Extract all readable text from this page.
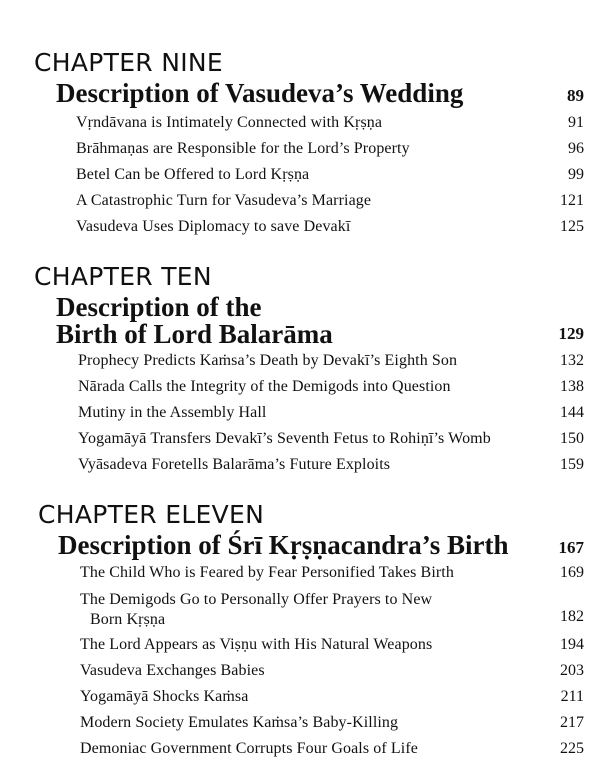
CHAPTER NINE
Description of Vasudeva’s Wedding	89
Vṛndāvana is Intimately Connected with Kṛṣṇa	91
Brāhmaṇas are Responsible for the Lord’s Property	96
Betel Can be Offered to Lord Kṛṣṇa	99
A Catastrophic Turn for Vasudeva’s Marriage	121
Vasudeva Uses Diplomacy to save Devakī	125
CHAPTER TEN
Description of the
Birth of Lord Balarāma	129
Prophecy Predicts Kaṁsa’s Death by Devakī’s Eighth Son	132
Nārada Calls the Integrity of the Demigods into Question	138
Mutiny in the Assembly Hall	144
Yogamāyā Transfers Devakī’s Seventh Fetus to Rohiṇī’s Womb	150
Vyāsadeva Foretells Balarāma’s Future Exploits	159
CHAPTER ELEVEN
Description of Śrī Kṛṣṇacandra’s Birth	167
The Child Who is Feared by Fear Personified Takes Birth	169
The Demigods Go to Personally Offer Prayers to New
Born Kṛṣṇa	182
The Lord Appears as Viṣṇu with His Natural Weapons	194
Vasudeva Exchanges Babies	203
Yogamāyā Shocks Kaṁsa	211
Modern Society Emulates Kaṁsa’s Baby-Killing	217
Demoniac Government Corrupts Four Goals of Life	225
